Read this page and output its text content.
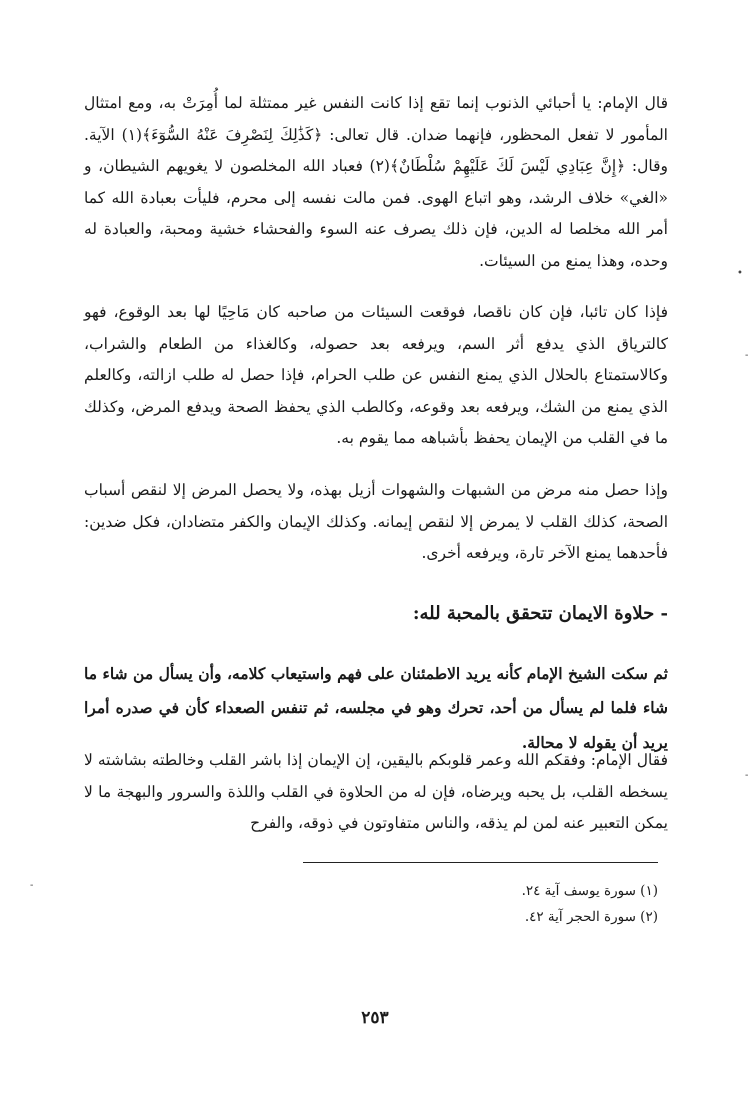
قال الإمام: يا أحبائي الذنوب إنما تقع إذا كانت النفس غير ممتثلة لما أُمِرَتْ به، ومع امتثال المأمور لا تفعل المحظور، فإنهما ضدان. قال تعالى: ﴿كَذَٰلِكَ لِنَصْرِفَ عَنْهُ السُّوٓءَ﴾(١) الآية. وقال: ﴿إِنَّ عِبَادِي لَيْسَ لَكَ عَلَيْهِمْ سُلْطَانٌ﴾(٢) فعباد الله المخلصون لا يغويهم الشيطان، و «الغي» خلاف الرشد، وهو اتباع الهوى. فمن مالت نفسه إلى محرم، فليأت بعبادة الله كما أمر الله مخلصا له الدين، فإن ذلك يصرف عنه السوء والفحشاء خشية ومحبة، والعبادة له وحده، وهذا يمنع من السيئات.

فإذا كان تائبا، فإن كان ناقصا، فوقعت السيئات من صاحبه كان مَاحِيًا لها بعد الوقوع، فهو كالترياق الذي يدفع أثر السم، ويرفعه بعد حصوله، وكالغذاء من الطعام والشراب، وكالاستمتاع بالحلال الذي يمنع النفس عن طلب الحرام، فإذا حصل له طلب ازالته، وكالعلم الذي يمنع من الشك، ويرفعه بعد وقوعه، وكالطب الذي يحفظ الصحة ويدفع المرض، وكذلك ما في القلب من الإيمان يحفظ بأشباهه مما يقوم به.

وإذا حصل منه مرض من الشبهات والشهوات أزيل بهذه، ولا يحصل المرض إلا لنقص أسباب الصحة، كذلك القلب لا يمرض إلا لنقص إيمانه. وكذلك الإيمان والكفر متضادان، فكل ضدين: فأحدهما يمنع الآخر تارة، ويرفعه أخرى.

- حلاوة الايمان تتحقق بالمحبة لله:

ثم سكت الشيخ الإمام كأنه يريد الاطمئنان على فهم واستيعاب كلامه، وأن يسأل من شاء ما شاء فلما لم يسأل من أحد، تحرك وهو في مجلسه، ثم تنفس الصعداء كأن في صدره أمرا يريد أن يقوله لا محالة.

فقال الإمام: وفقكم الله وعمر قلوبكم باليقين، إن الإيمان إذا باشر القلب وخالطته بشاشته لا يسخطه القلب، بل يحبه ويرضاه، فإن له من الحلاوة في القلب واللذة والسرور والبهجة ما لا يمكن التعبير عنه لمن لم يذقه، والناس متفاوتون في ذوقه، والفرح

(١) سورة يوسف آية ٢٤.

(٢) سورة الحجر آية ٤٢.

٢٥٣
•
-
-
-
